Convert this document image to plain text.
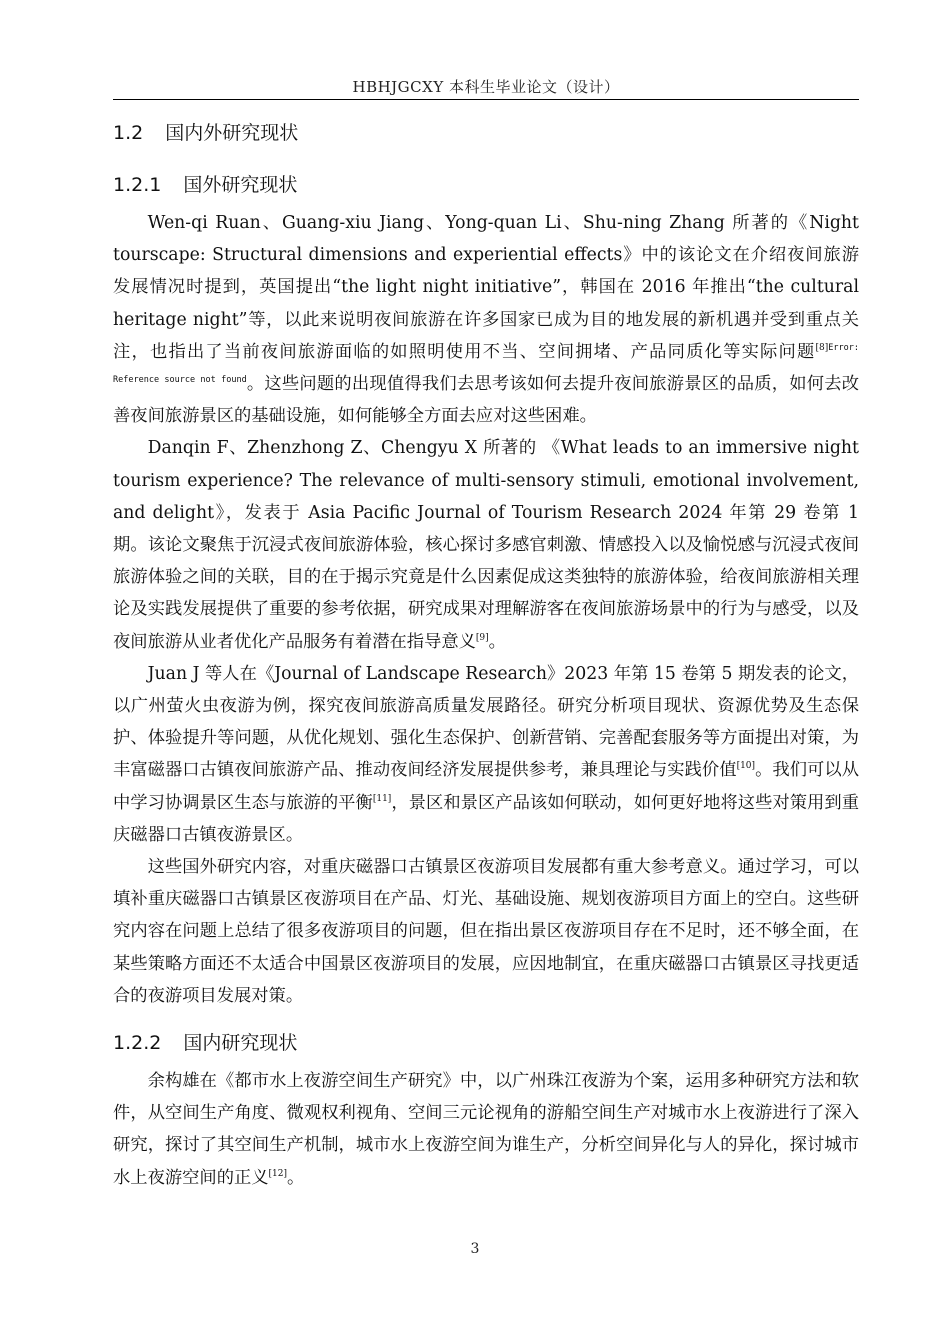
HBHJGCXY 本科生毕业论文（设计）
1.2 国内外研究现状
1.2.1 国外研究现状

Wen-qi Ruan、Guang-xiu Jiang、Yong-quan Li、Shu-ning Zhang 所著的《Night tourscape: Structural dimensions and experiential effects》中的该论文在介绍夜间旅游发展情况时提到，英国提出“the light night initiative”，韩国在 2016 年推出“the cultural heritage night”等，以此来说明夜间旅游在许多国家已成为目的地发展的新机遇并受到重点关注，也指出了当前夜间旅游面临的如照明使用不当、空间拥堵、产品同质化等实际问题$^{[8]Error: Reference source not found}$。这些问题的出现值得我们去思考该如何去提升夜间旅游景区的品质，如何去改善夜间旅游景区的基础设施，如何能够全方面去应对这些困难。

Danqin F、Zhenzhong Z、Chengyu X 所著的 《What leads to an immersive night tourism experience? The relevance of multi-sensory stimuli, emotional involvement, and delight》，发表于 Asia Pacific Journal of Tourism Research 2024 年第 29 卷第 1 期。该论文聚焦于沉浸式夜间旅游体验，核心探讨多感官刺激、情感投入以及愉悦感与沉浸式夜间旅游体验之间的关联，目的在于揭示究竟是什么因素促成这类独特的旅游体验，给夜间旅游相关理论及实践发展提供了重要的参考依据，研究成果对理解游客在夜间旅游场景中的行为与感受，以及夜间旅游从业者优化产品服务有着潜在指导意义[9]。

Juan J 等人在《Journal of Landscape Research》2023 年第 15 卷第 5 期发表的论文，以广州萤火虫夜游为例，探究夜间旅游高质量发展路径。研究分析项目现状、资源优势及生态保护、体验提升等问题，从优化规划、强化生态保护、创新营销、完善配套服务等方面提出对策，为丰富磁器口古镇夜间旅游产品、推动夜间经济发展提供参考，兼具理论与实践价值[10]。我们可以从中学习协调景区生态与旅游的平衡[11]，景区和景区产品该如何联动，如何更好地将这些对策用到重庆磁器口古镇夜游景区。

这些国外研究内容，对重庆磁器口古镇景区夜游项目发展都有重大参考意义。通过学习，可以填补重庆磁器口古镇景区夜游项目在产品、灯光、基础设施、规划夜游项目方面上的空白。这些研究内容在问题上总结了很多夜游项目的问题，但在指出景区夜游项目存在不足时，还不够全面，在某些策略方面还不太适合中国景区夜游项目的发展，应因地制宜，在重庆磁器口古镇景区寻找更适合的夜游项目发展对策。

1.2.2 国内研究现状

余构雄在《都市水上夜游空间生产研究》中，以广州珠江夜游为个案，运用多种研究方法和软件，从空间生产角度、微观权利视角、空间三元论视角的游船空间生产对城市水上夜游进行了深入研究，探讨了其空间生产机制，城市水上夜游空间为谁生产，分析空间异化与人的异化，探讨城市水上夜游空间的正义[12]。

3
